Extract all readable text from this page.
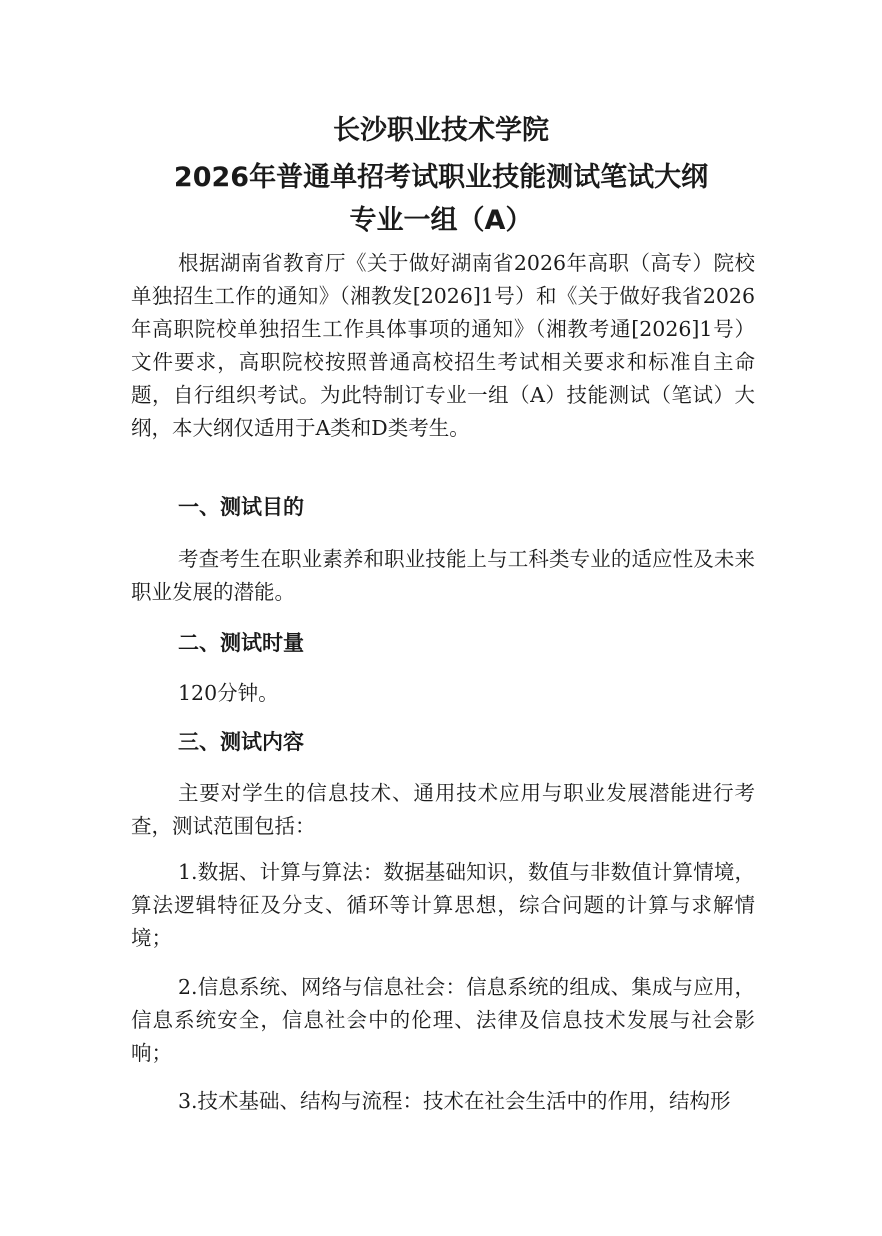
长沙职业技术学院
2026年普通单招考试职业技能测试笔试大纲
专业一组（A）
根据湖南省教育厅《关于做好湖南省2026年高职（高专）院校单独招生工作的通知》（湘教发[2026]1号）和《关于做好我省2026年高职院校单独招生工作具体事项的通知》（湘教考通[2026]1号）文件要求，高职院校按照普通高校招生考试相关要求和标准自主命题，自行组织考试。为此特制订专业一组（A）技能测试（笔试）大纲，本大纲仅适用于A类和D类考生。
一、测试目的
考查考生在职业素养和职业技能上与工科类专业的适应性及未来职业发展的潜能。
二、测试时量
120分钟。
三、测试内容
主要对学生的信息技术、通用技术应用与职业发展潜能进行考查，测试范围包括：
1.数据、计算与算法：数据基础知识，数值与非数值计算情境，算法逻辑特征及分支、循环等计算思想，综合问题的计算与求解情境；
2.信息系统、网络与信息社会：信息系统的组成、集成与应用，信息系统安全，信息社会中的伦理、法律及信息技术发展与社会影响；
3.技术基础、结构与流程：技术在社会生活中的作用，结构形
